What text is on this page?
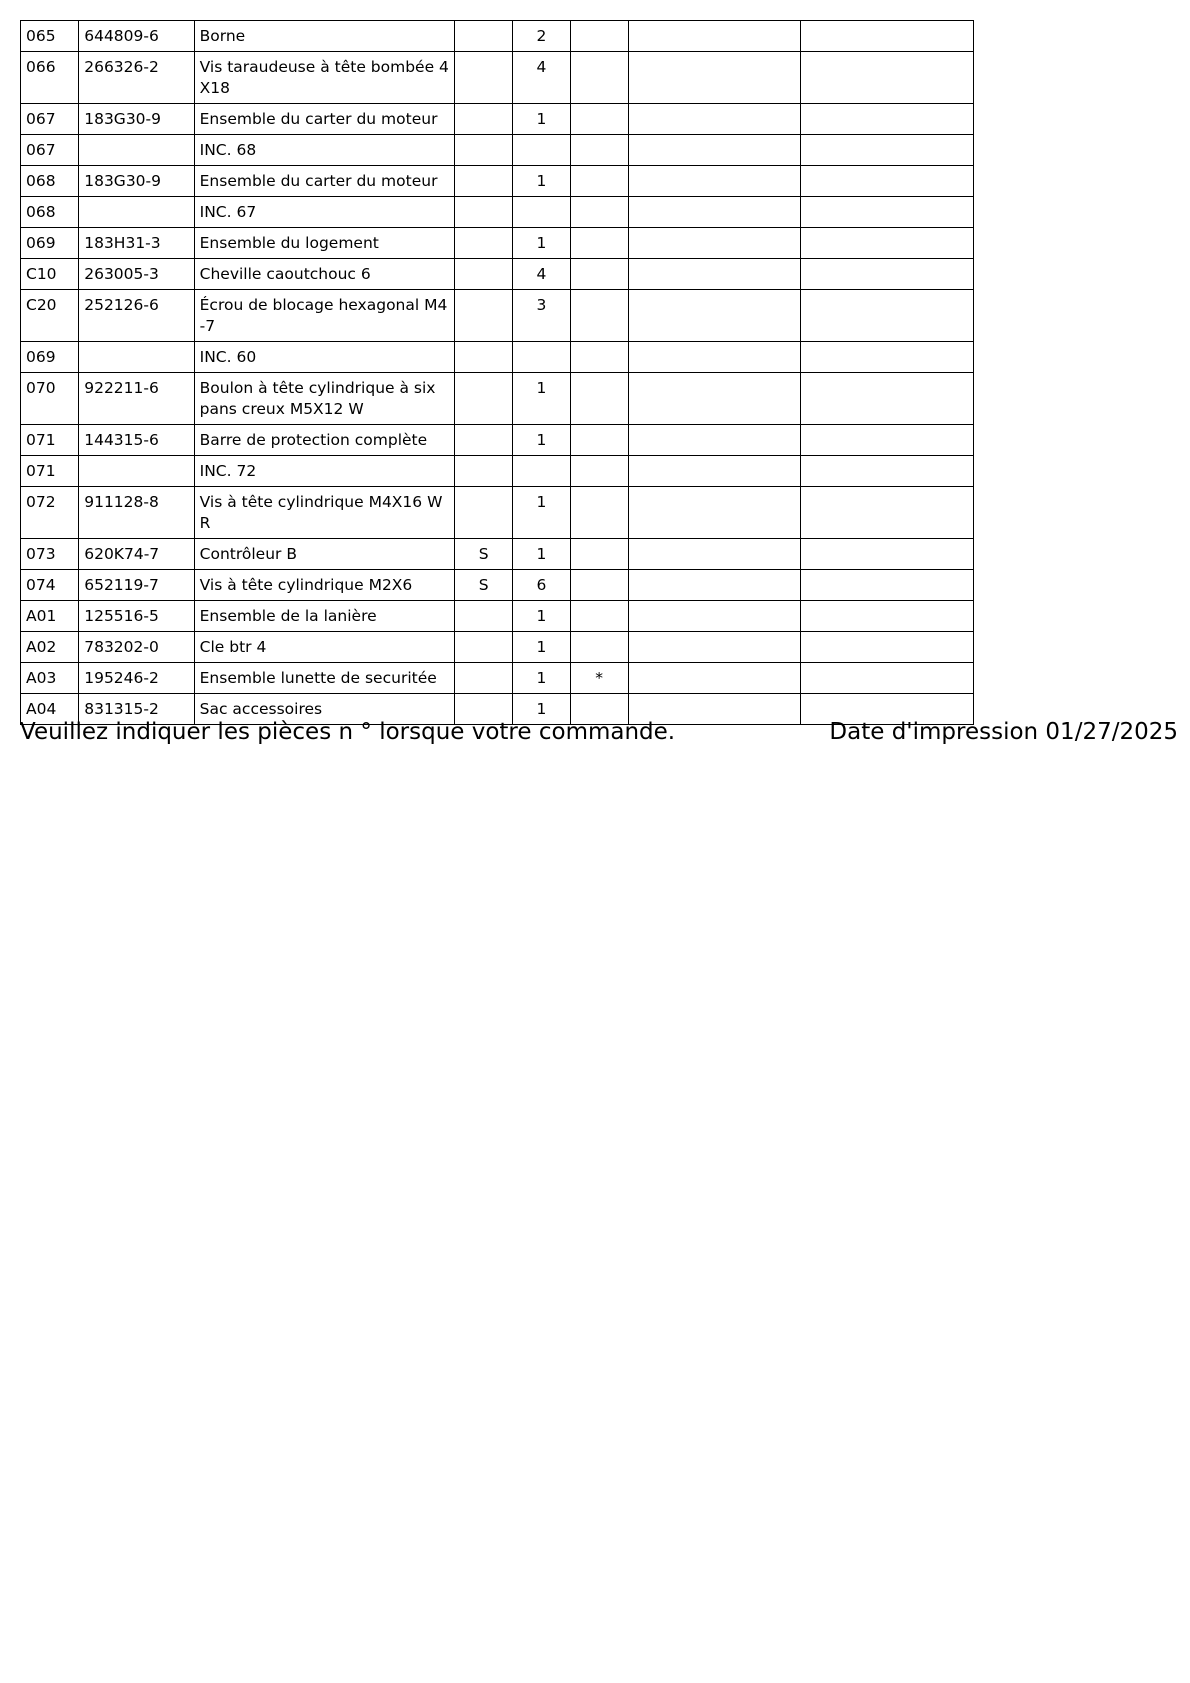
065	644809-6	Borne		2			
066	266326-2	Vis taraudeuse à tête bombée 4X18		4			
067	183G30-9	Ensemble du carter du moteur		1			
067		INC. 68					
068	183G30-9	Ensemble du carter du moteur		1			
068		INC. 67					
069	183H31-3	Ensemble du logement		1			
C10	263005-3	Cheville caoutchouc 6		4			
C20	252126-6	Écrou de blocage hexagonal M4-7		3			
069		INC. 60					
070	922211-6	Boulon à tête cylindrique à six pans creux M5X12 W		1			
071	144315-6	Barre de protection complète		1			
071		INC. 72					
072	911128-8	Vis à tête cylindrique M4X16 WR		1			
073	620K74-7	Contrôleur B	S	1			
074	652119-7	Vis à tête cylindrique M2X6	S	6			
A01	125516-5	Ensemble de la lanière		1			
A02	783202-0	Cle btr 4		1			
A03	195246-2	Ensemble lunette de securitée		1	*		
A04	831315-2	Sac accessoires		1			
Veuillez indiquer les pièces n ° lorsque votre commande.	Date d'impression 01/27/2025
